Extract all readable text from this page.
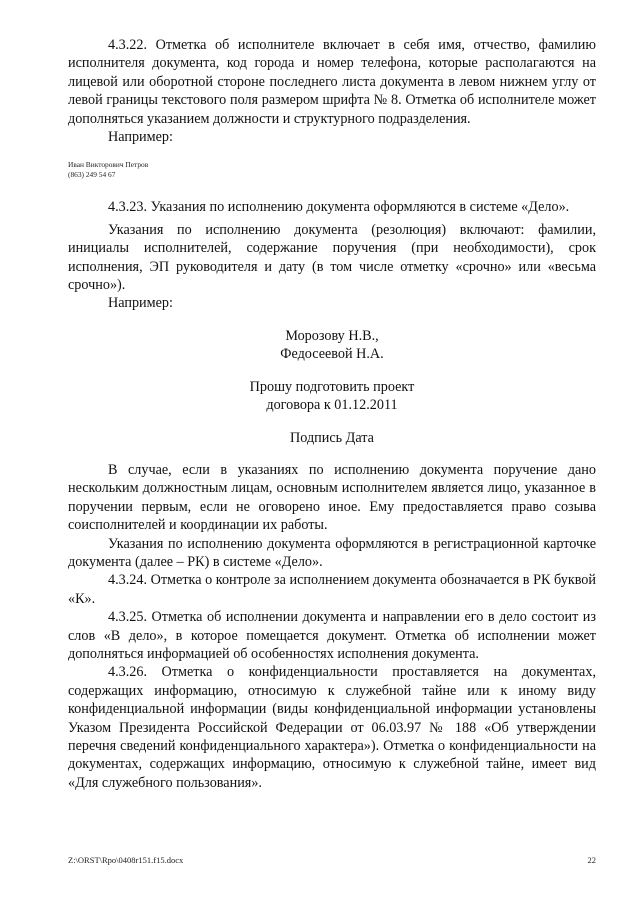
4.3.22. Отметка об исполнителе включает в себя имя, отчество, фамилию исполнителя документа, код города и номер телефона, которые располагаются на лицевой или оборотной стороне последнего листа документа в левом нижнем углу от левой границы текстового поля размером шрифта № 8. Отметка об исполнителе может дополняться указанием должности и структурного подразделения.

Например:

Иван Викторович Петров

(863) 249 54 67

4.3.23. Указания по исполнению документа оформляются в системе «Дело».

Указания по исполнению документа (резолюция) включают: фамилии, инициалы исполнителей, содержание поручения (при необходимости), срок исполнения, ЭП руководителя и дату (в том числе отметку «срочно» или «весьма срочно»).

Например:

Морозову Н.В.,

Федосеевой Н.А.

Прошу подготовить проект

договора к 01.12.2011

Подпись Дата

В случае, если в указаниях по исполнению документа поручение дано нескольким должностным лицам, основным исполнителем является лицо, указанное в поручении первым, если не оговорено иное. Ему предоставляется право созыва соисполнителей и координации их работы.

Указания по исполнению документа оформляются в регистрационной карточке документа (далее – РК) в системе «Дело».

4.3.24. Отметка о контроле за исполнением документа обозначается в РК буквой «К».

4.3.25. Отметка об исполнении документа и направлении его в дело состоит из слов «В дело», в которое помещается документ. Отметка об исполнении может дополняться информацией об особенностях исполнения документа.

4.3.26. Отметка о конфиденциальности проставляется на документах, содержащих информацию, относимую к служебной тайне или к иному виду конфиденциальной информации (виды конфиденциальной информации установлены Указом Президента Российской Федерации от 06.03.97 № 188 «Об утверждении перечня сведений конфиденциального характера»). Отметка о конфиденциальности на документах, содержащих информацию, относимую к служебной тайне, имеет вид «Для служебного пользования».

Z:\ORST\Rpo\0408r151.f15.docx	22
